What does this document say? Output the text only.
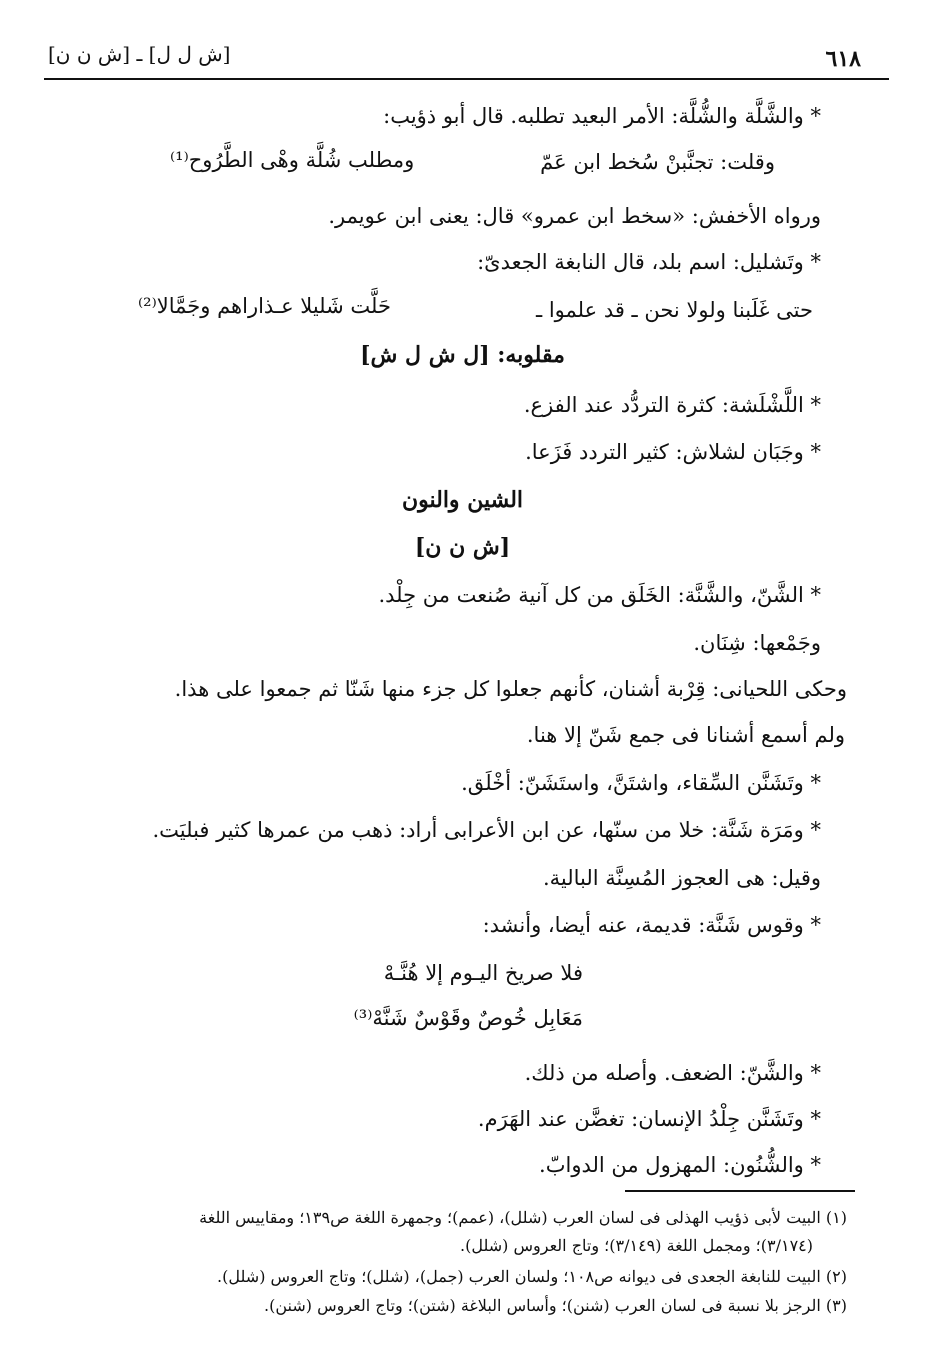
٦١٨
[ش ل ل] ـ [ش ن ن]
* والشَّلَّة والشُّلَّة: الأمر البعيد تطلبه. قال أبو ذؤيب:
وقلت: تجنَّبنْ سُخط ابن عَمّ
ومطلب شُلَّة وهْى الطَّرُوح⁽¹⁾
ورواه الأخفش: «سخط ابن عمرو» قال: يعنى ابن عويمر.
* وتَشليل: اسم بلد، قال النابغة الجعدىّ:
حتى غَلَبنا ولولا نحن ـ قد علموا ـ
حَلَّت شَليلا عـذاراهم وجَمَّالا⁽²⁾
مقلوبه: [ل ش ل ش]
* اللَّشْلَشة: كثرة التردُّد عند الفزع.
* وجَبَان لشلاش: كثير التردد فَزَعا.
الشين والنون
[ش ن ن]
* الشَّنّ، والشَّنَّة: الخَلَق من كل آنية صُنعت من جِلْد.
وجَمْعها: شِنَان.
وحكى اللحيانى: قِرْبة أشنان، كأنهم جعلوا كل جزء منها شَنّا ثم جمعوا على هذا.
ولم أسمع أشنانا فى جمع شَنّ إلا هنا.
* وتَشَنَّن السِّقاء، واشتَنَّ، واستَشَنّ: أخْلَق.
* ومَرَة شَنَّة: خلا من سنّها، عن ابن الأعرابى أراد: ذهب من عمرها كثير فبليَت.
وقيل: هى العجوز المُسِنَّة البالية.
* وقوس شَنَّة: قديمة، عنه أيضا، وأنشد:
فلا صريخ اليـوم إلا هُنَّـهْ
مَعَابِل خُوصٌ وقَوْسٌ شَنَّهْ⁽³⁾
* والشَّنّ: الضعف. وأصله من ذلك.
* وتَشَنَّن جِلْدُ الإنسان: تغضَّن عند الهَرَم.
* والشُّنُون: المهزول من الدوابّ.
(١) البيت لأبى ذؤيب الهذلى فى لسان العرب (شلل)، (عمم)؛ وجمهرة اللغة ص١٣٩؛ ومقاييس اللغة
(٣/١٧٤)؛ ومجمل اللغة (٣/١٤٩)؛ وتاج العروس (شلل).
(٢) البيت للنابغة الجعدى فى ديوانه ص١٠٨؛ ولسان العرب (جمل)، (شلل)؛ وتاج العروس (شلل).
(٣) الرجز بلا نسبة فى لسان العرب (شنن)؛ وأساس البلاغة (شتن)؛ وتاج العروس (شنن).
